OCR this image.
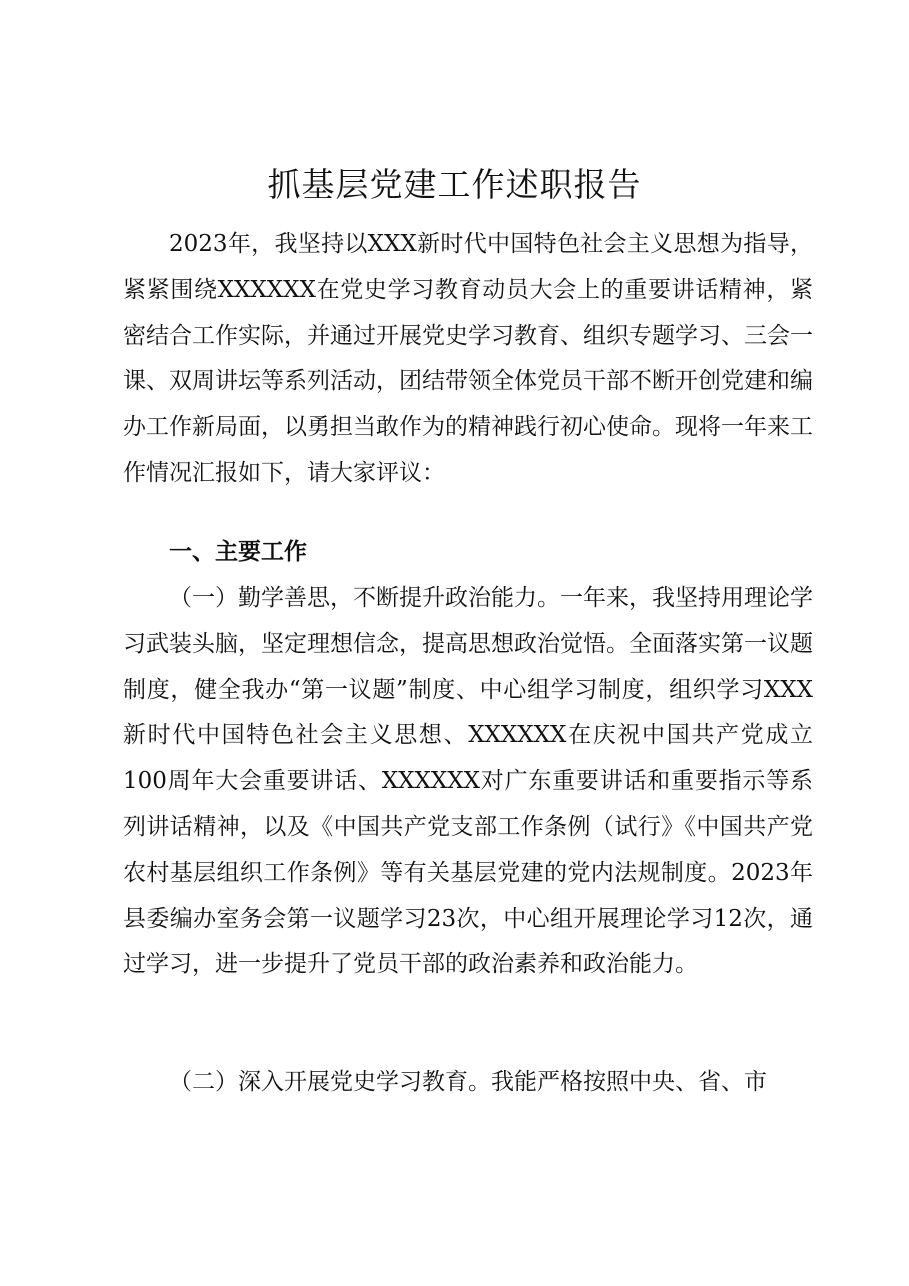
抓基层党建工作述职报告

2023年，我坚持以XXX新时代中国特色社会主义思想为指导，紧紧围绕XXXXXX在党史学习教育动员大会上的重要讲话精神，紧密结合工作实际，并通过开展党史学习教育、组织专题学习、三会一课、双周讲坛等系列活动，团结带领全体党员干部不断开创党建和编办工作新局面，以勇担当敢作为的精神践行初心使命。现将一年来工作情况汇报如下，请大家评议：

一、主要工作

（一）勤学善思，不断提升政治能力。一年来，我坚持用理论学习武装头脑，坚定理想信念，提高思想政治觉悟。全面落实第一议题制度，健全我办“第一议题”制度、中心组学习制度，组织学习XXX新时代中国特色社会主义思想、XXXXXX在庆祝中国共产党成立100周年大会重要讲话、XXXXXX对广东重要讲话和重要指示等系列讲话精神，以及《中国共产党支部工作条例（试行》《中国共产党农村基层组织工作条例》等有关基层党建的党内法规制度。2023年县委编办室务会第一议题学习23次，中心组开展理论学习12次，通过学习，进一步提升了党员干部的政治素养和政治能力。

（二）深入开展党史学习教育。我能严格按照中央、省、市
